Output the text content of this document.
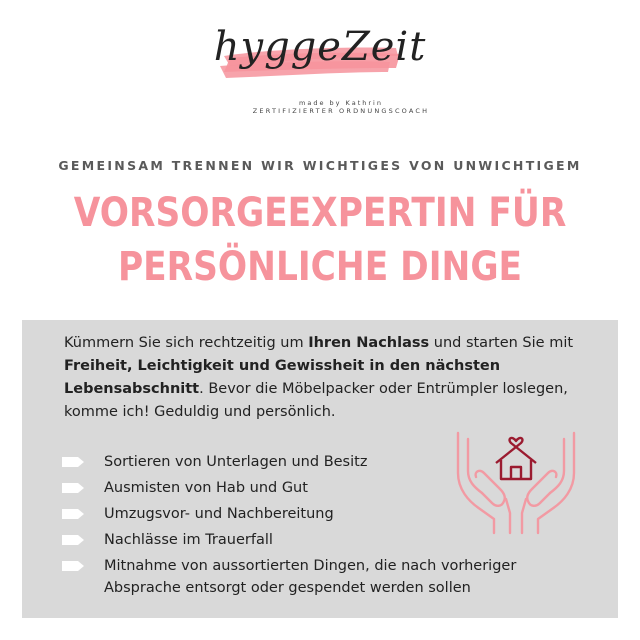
hyggeZeit
made by Kathrin
ZERTIFIZIERTER ORDNUNGSCOACH
GEMEINSAM TRENNEN WIR WICHTIGES VON UNWICHTIGEM
VORSORGEEXPERTIN FÜR
PERSÖNLICHE DINGE
Kümmern Sie sich rechtzeitig um Ihren Nachlass und starten Sie mit Freiheit, Leichtigkeit und Gewissheit in den nächsten Lebensabschnitt. Bevor die Möbelpacker oder Entrümpler loslegen, komme ich! Geduldig und persönlich.
Sortieren von Unterlagen und Besitz
Ausmisten von Hab und Gut
Umzugsvor- und Nachbereitung
Nachlässe im Trauerfall
Mitnahme von aussortierten Dingen, die nach vorheriger Absprache entsorgt oder gespendet werden sollen
